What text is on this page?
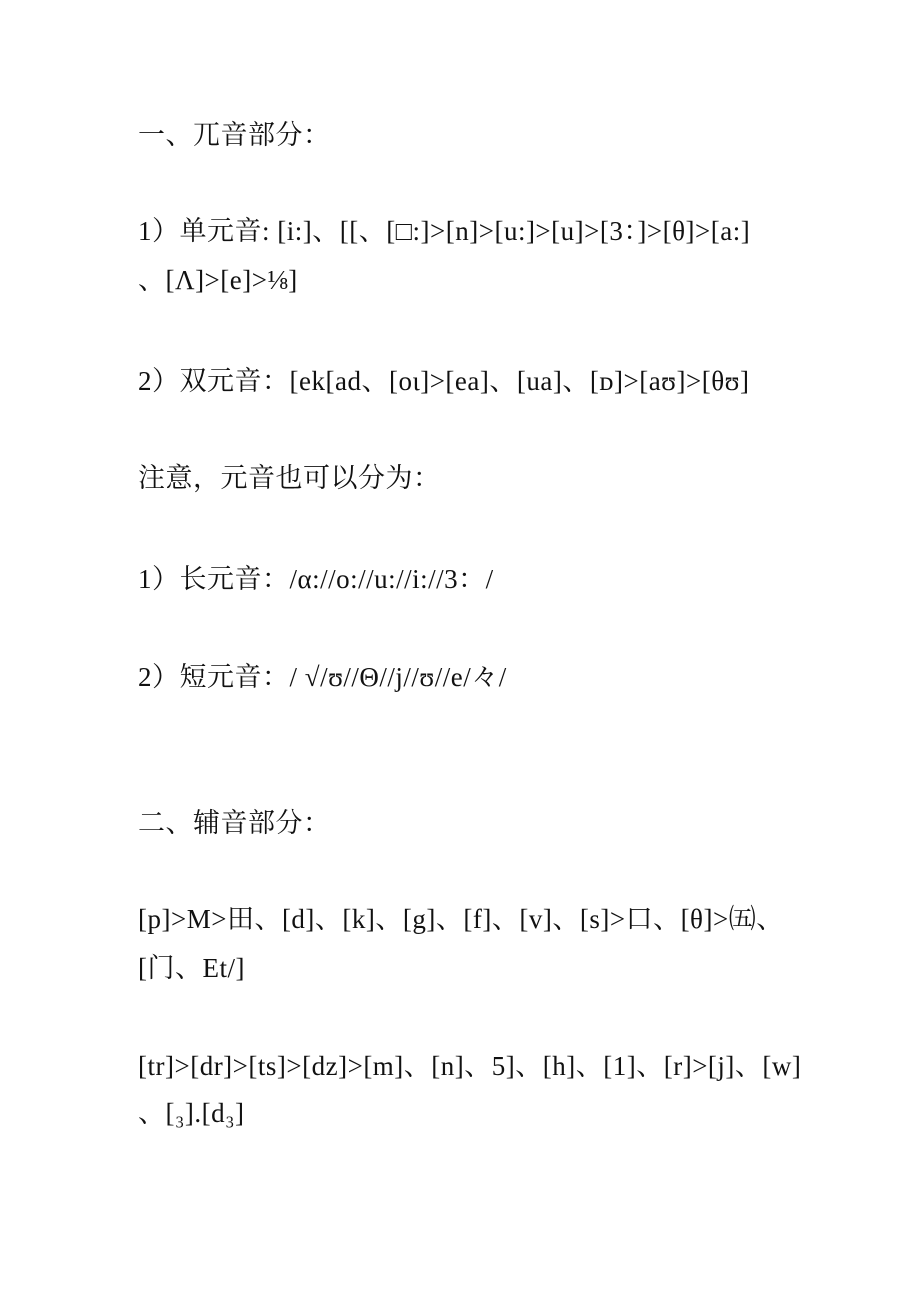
一、兀音部分：
1）单元音: [i:]、[[、[□:]>[n]>[u:]>[u]>[3：]>[θ]>[a:]
、[Λ]>[e]>⅛]
2）双元音：[ek[ad、[oι]>[ea]、[ua]、[ᴅ]>[aʊ]>[θʊ]
注意，元音也可以分为：
1）长元音：/α://o://u://i://3：/
2）短元音：/ √/ʊ//Θ//j//ʊ//e/々/
二、辅音部分：
[p]>M>田、[d]、[k]、[g]、[f]、[v]、[s]>口、[θ]>㈤、
[门、Et/]
[tr]>[dr]>[ts]>[dz]>[m]、[n]、5]、[h]、[1]、[r]>[j]、[w]
、[₃].[d₃]
